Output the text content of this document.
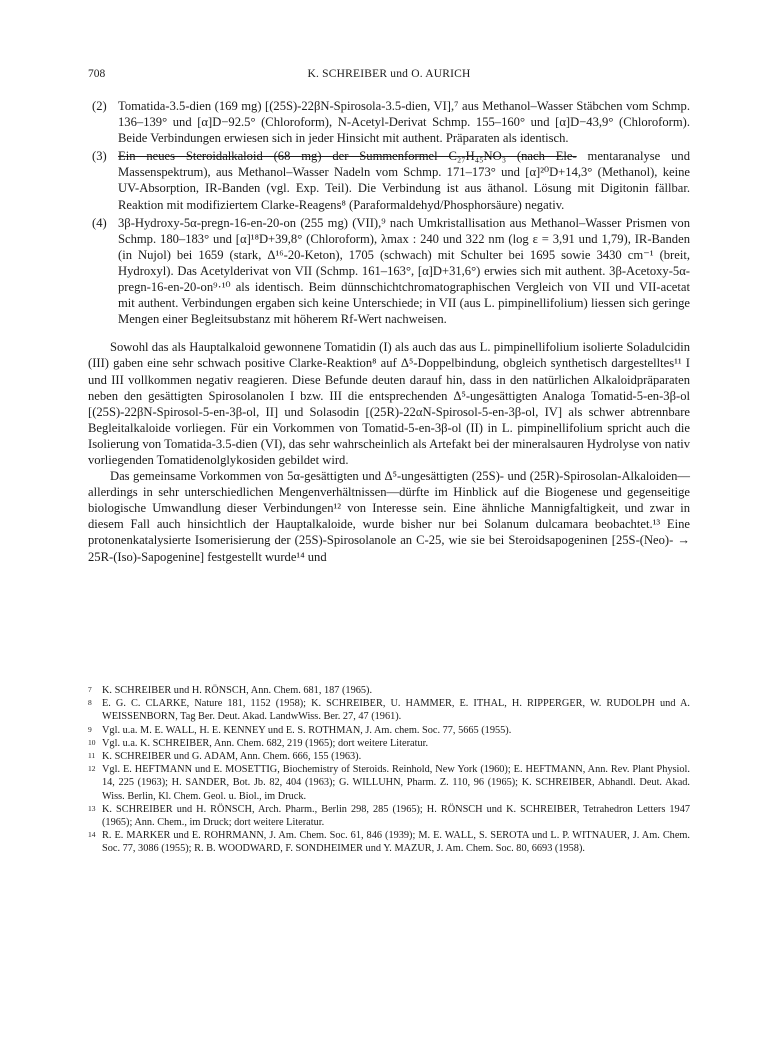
708	K. SCHREIBER und O. AURICH
(2) Tomatida-3.5-dien (169 mg) [(25S)-22βN-Spirosola-3.5-dien, VI],⁷ aus Methanol–Wasser Stäbchen vom Schmp. 136–139° und [α]D−92.5° (Chloroform), N-Acetyl-Derivat Schmp. 155–160° und [α]D−43,9° (Chloroform). Beide Verbindungen erwiesen sich in jeder Hinsicht mit authent. Präparaten als identisch.
(3) Ein neues Steroidalkaloid (68 mg) der Summenformel C₂₇H₄₅NO₃ (nach Ele- mentaranalyse und Massenspektrum), aus Methanol–Wasser Nadeln vom Schmp. 171–173° und [α]²⁰D+14,3° (Methanol), keine UV-Absorption, IR-Banden (vgl. Exp. Teil). Die Verbindung ist aus äthanol. Lösung mit Digitonin fällbar. Reaktion mit modifiziertem Clarke-Reagens⁸ (Paraformaldehyd/Phosphorsäure) negativ.
(4) 3β-Hydroxy-5α-pregn-16-en-20-on (255 mg) (VII),⁹ nach Umkristallisation aus Methanol–Wasser Prismen von Schmp. 180–183° und [α]¹⁸D+39,8° (Chloroform), λmax : 240 und 322 nm (log ε = 3,91 und 1,79), IR-Banden (in Nujol) bei 1659 (stark, Δ¹⁶-20-Keton), 1705 (schwach) mit Schulter bei 1695 sowie 3430 cm⁻¹ (breit, Hydroxyl). Das Acetylderivat von VII (Schmp. 161–163°, [α]D+31,6°) erwies sich mit authent. 3β-Acetoxy-5α-pregn-16-en-20-on⁹·¹⁰ als identisch. Beim dünnschichtchromatographischen Vergleich von VII und VII-acetat mit authent. Verbindungen ergaben sich keine Unterschiede; in VII (aus L. pimpinellifolium) liessen sich geringe Mengen einer Begleitsubstanz mit höherem Rf-Wert nachweisen.

Sowohl das als Hauptalkaloid gewonnene Tomatidin (I) als auch das aus L. pimpinellifolium isolierte Soladulcidin (III) gaben eine sehr schwach positive Clarke-Reaktion⁸ auf Δ⁵-Doppelbindung, obgleich synthetisch dargestelltes¹¹ I und III vollkommen negativ reagieren. Diese Befunde deuten darauf hin, dass in den natürlichen Alkaloidpräparaten neben den gesättigten Spirosolanolen I bzw. III die entsprechenden Δ⁵-ungesättigten Analoga Tomatid-5-en-3β-ol [(25S)-22βN-Spirosol-5-en-3β-ol, II] und Solasodin [(25R)-22αN-Spirosol-5-en-3β-ol, IV] als schwer abtrennbare Begleitalkaloide vorliegen. Für ein Vorkommen von Tomatid-5-en-3β-ol (II) in L. pimpinellifolium spricht auch die Isolierung von Tomatida-3.5-dien (VI), das sehr wahrscheinlich als Artefakt bei der mineralsauren Hydrolyse von nativ vorliegenden Tomatidenolglykosiden gebildet wird.

Das gemeinsame Vorkommen von 5α-gesättigten und Δ⁵-ungesättigten (25S)- und (25R)-Spirosolan-Alkaloiden—allerdings in sehr unterschiedlichen Mengenverhältnissen—dürfte im Hinblick auf die Biogenese und gegenseitige biologische Umwandlung dieser Verbindungen¹² von Interesse sein. Eine ähnliche Mannigfaltigkeit, und zwar in diesem Fall auch hinsichtlich der Hauptalkaloide, wurde bisher nur bei Solanum dulcamara beobachtet.¹³ Eine protonenkatalysierte Isomerisierung der (25S)-Spirosolanole an C-25, wie sie bei Steroidsapogeninen [25S-(Neo)- → 25R-(Iso)-Sapogenine] festgestellt wurde¹⁴ und

7 K. SCHREIBER und H. RÖNSCH, Ann. Chem. 681, 187 (1965).

8 E. G. C. CLARKE, Nature 181, 1152 (1958); K. SCHREIBER, U. HAMMER, E. ITHAL, H. RIPPERGER, W. RUDOLPH und A. WEISSENBORN, Tag Ber. Deut. Akad. LandwWiss. Ber. 27, 47 (1961).

9 Vgl. u.a. M. E. WALL, H. E. KENNEY und E. S. ROTHMAN, J. Am. chem. Soc. 77, 5665 (1955).

10 Vgl. u.a. K. SCHREIBER, Ann. Chem. 682, 219 (1965); dort weitere Literatur.

11 K. SCHREIBER und G. ADAM, Ann. Chem. 666, 155 (1963).

12 Vgl. E. HEFTMANN und E. MOSETTIG, Biochemistry of Steroids. Reinhold, New York (1960); E. HEFTMANN, Ann. Rev. Plant Physiol. 14, 225 (1963); H. SANDER, Bot. Jb. 82, 404 (1963); G. WILLUHN, Pharm. Z. 110, 96 (1965); K. SCHREIBER, Abhandl. Deut. Akad. Wiss. Berlin, Kl. Chem. Geol. u. Biol., im Druck.

13 K. SCHREIBER und H. RÖNSCH, Arch. Pharm., Berlin 298, 285 (1965); H. RÖNSCH und K. SCHREIBER, Tetrahedron Letters 1947 (1965); Ann. Chem., im Druck; dort weitere Literatur.

14 R. E. MARKER und E. ROHRMANN, J. Am. Chem. Soc. 61, 846 (1939); M. E. WALL, S. SEROTA und L. P. WITNAUER, J. Am. Chem. Soc. 77, 3086 (1955); R. B. WOODWARD, F. SONDHEIMER und Y. MAZUR, J. Am. Chem. Soc. 80, 6693 (1958).
